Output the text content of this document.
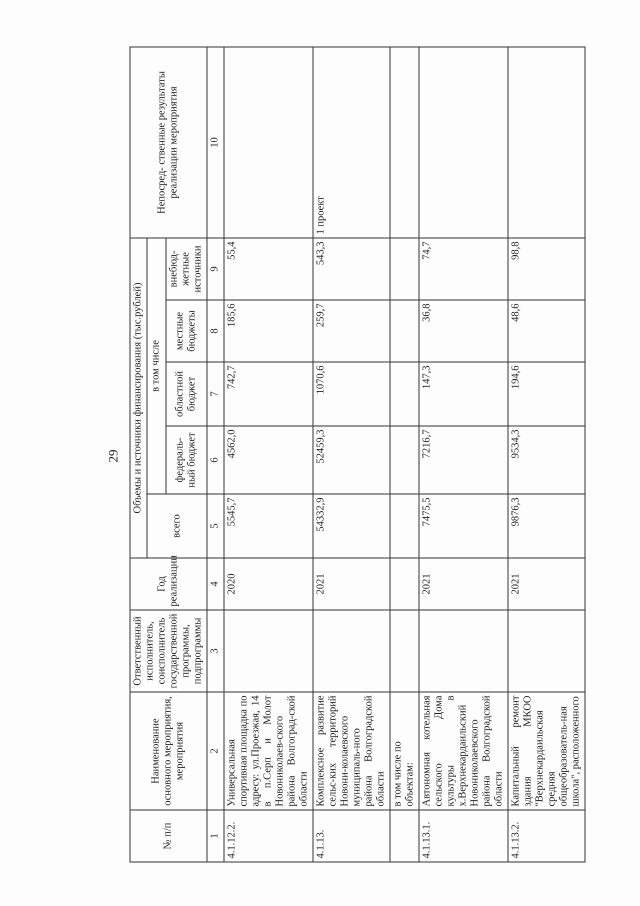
29
№ п/п	Наименование основного мероприятия, мероприятия	Ответственный исполнитель, соисполнитель государственной программы, подпрограммы	Год реализации	Объемы и источники финансирования (тыс.рублей)					Непосред- ственные результаты реализации мероприятия
				всего	в том числе				
					федераль- ный бюджет	областной бюджет	местные бюджеты	внебюд- жетные источники	
1	2	3	4	5	6	7	8	9	10
4.1.12.2.	Универсальная спортивная площадка по адресу: ул.Проезжая, 14 в п.Серп и Молот Новониколаев-ского района Волгоград-ской области		2020	5545,7	4562,0	742,7	185,6	55,4	
4.1.13.	Комплексное развитие сельс-ких территорий Новони-колаевского муниципаль-ного района Волгоградской области		2021	54332,9	52459,3	1070,6	259,7	543,3	1 проект
	в том числе по объектам:								
4.1.13.1.	Автономная котельная сельского Дома культуры в х.Верхнекардаильский Новониколаевского района Волгоградской области		2021	7475,5	7216,7	147,3	36,8	74,7	
4.1.13.2.	Капитальный ремонт здания МКОО "Верхнекардаильская средняя общеобразователь-ная школа", расположенного		2021	9876,3	9534,3	194,6	48,6	98,8	
